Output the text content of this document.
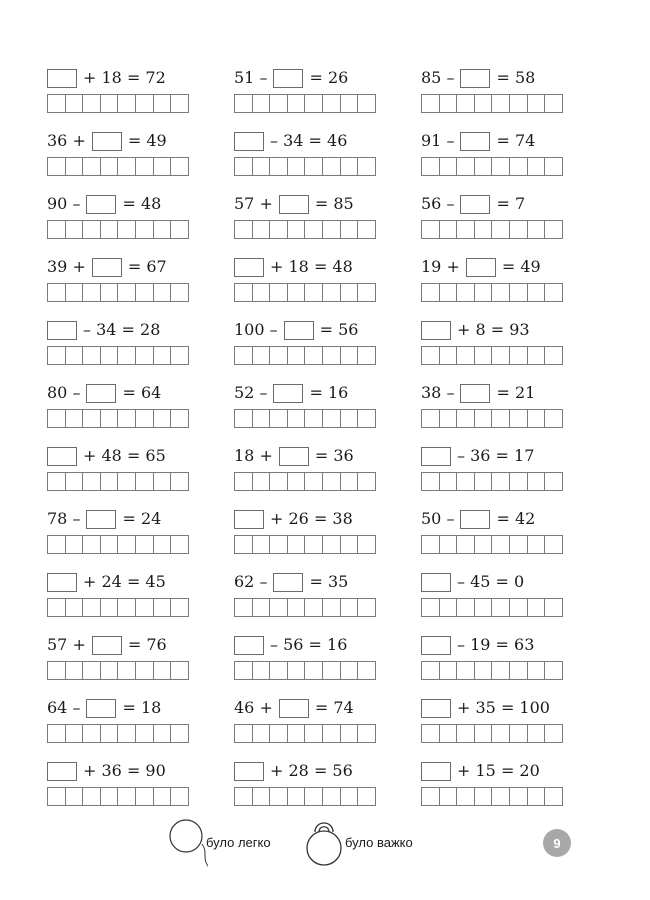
+ 18 = 72	51 –	= 26	85 –	= 58
36 +	= 49	– 34 = 46	91 –	= 74
90 –	= 48	57 +	= 85	56 –	= 7
39 +	= 67	+ 18 = 48	19 +	= 49
– 34 = 28	100 –	= 56	+ 8 = 93
80 –	= 64	52 –	= 16	38 –	= 21
+ 48 = 65	18 +	= 36	– 36 = 17
78 –	= 24	+ 26 = 38	50 –	= 42
+ 24 = 45	62 –	= 35	– 45 = 0
57 +	= 76	– 56 = 16	– 19 = 63
64 –	= 18	46 +	= 74	+ 35 = 100
+ 36 = 90	+ 28 = 56	+ 15 = 20
було легко	було важко	9
